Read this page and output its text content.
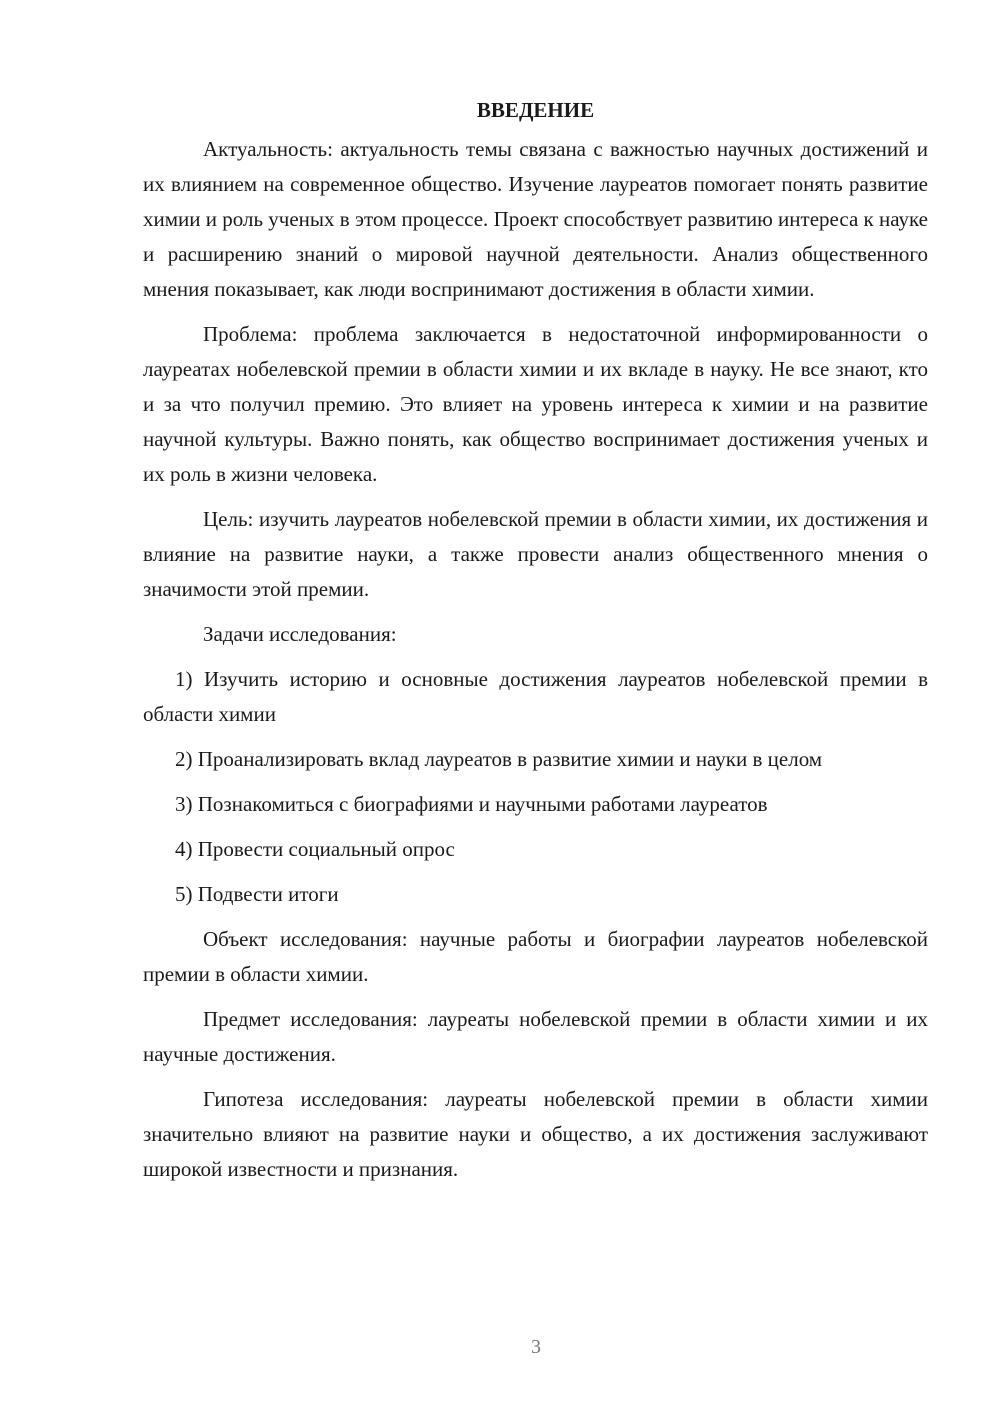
ВВЕДЕНИЕ

Актуальность: актуальность темы связана с важностью научных достижений и их влиянием на современное общество. Изучение лауреатов помогает понять развитие химии и роль ученых в этом процессе. Проект способствует развитию интереса к науке и расширению знаний о мировой научной деятельности. Анализ общественного мнения показывает, как люди воспринимают достижения в области химии.

Проблема: проблема заключается в недостаточной информированности о лауреатах нобелевской премии в области химии и их вкладе в науку. Не все знают, кто и за что получил премию. Это влияет на уровень интереса к химии и на развитие научной культуры. Важно понять, как общество воспринимает достижения ученых и их роль в жизни человека.

Цель: изучить лауреатов нобелевской премии в области химии, их достижения и влияние на развитие науки, а также провести анализ общественного мнения о значимости этой премии.

Задачи исследования:

1) Изучить историю и основные достижения лауреатов нобелевской премии в области химии

2) Проанализировать вклад лауреатов в развитие химии и науки в целом

3) Познакомиться с биографиями и научными работами лауреатов

4) Провести социальный опрос

5) Подвести итоги

Объект исследования: научные работы и биографии лауреатов нобелевской премии в области химии.

Предмет исследования: лауреаты нобелевской премии в области химии и их научные достижения.

Гипотеза исследования: лауреаты нобелевской премии в области химии значительно влияют на развитие науки и общество, а их достижения заслуживают широкой известности и признания.

3
